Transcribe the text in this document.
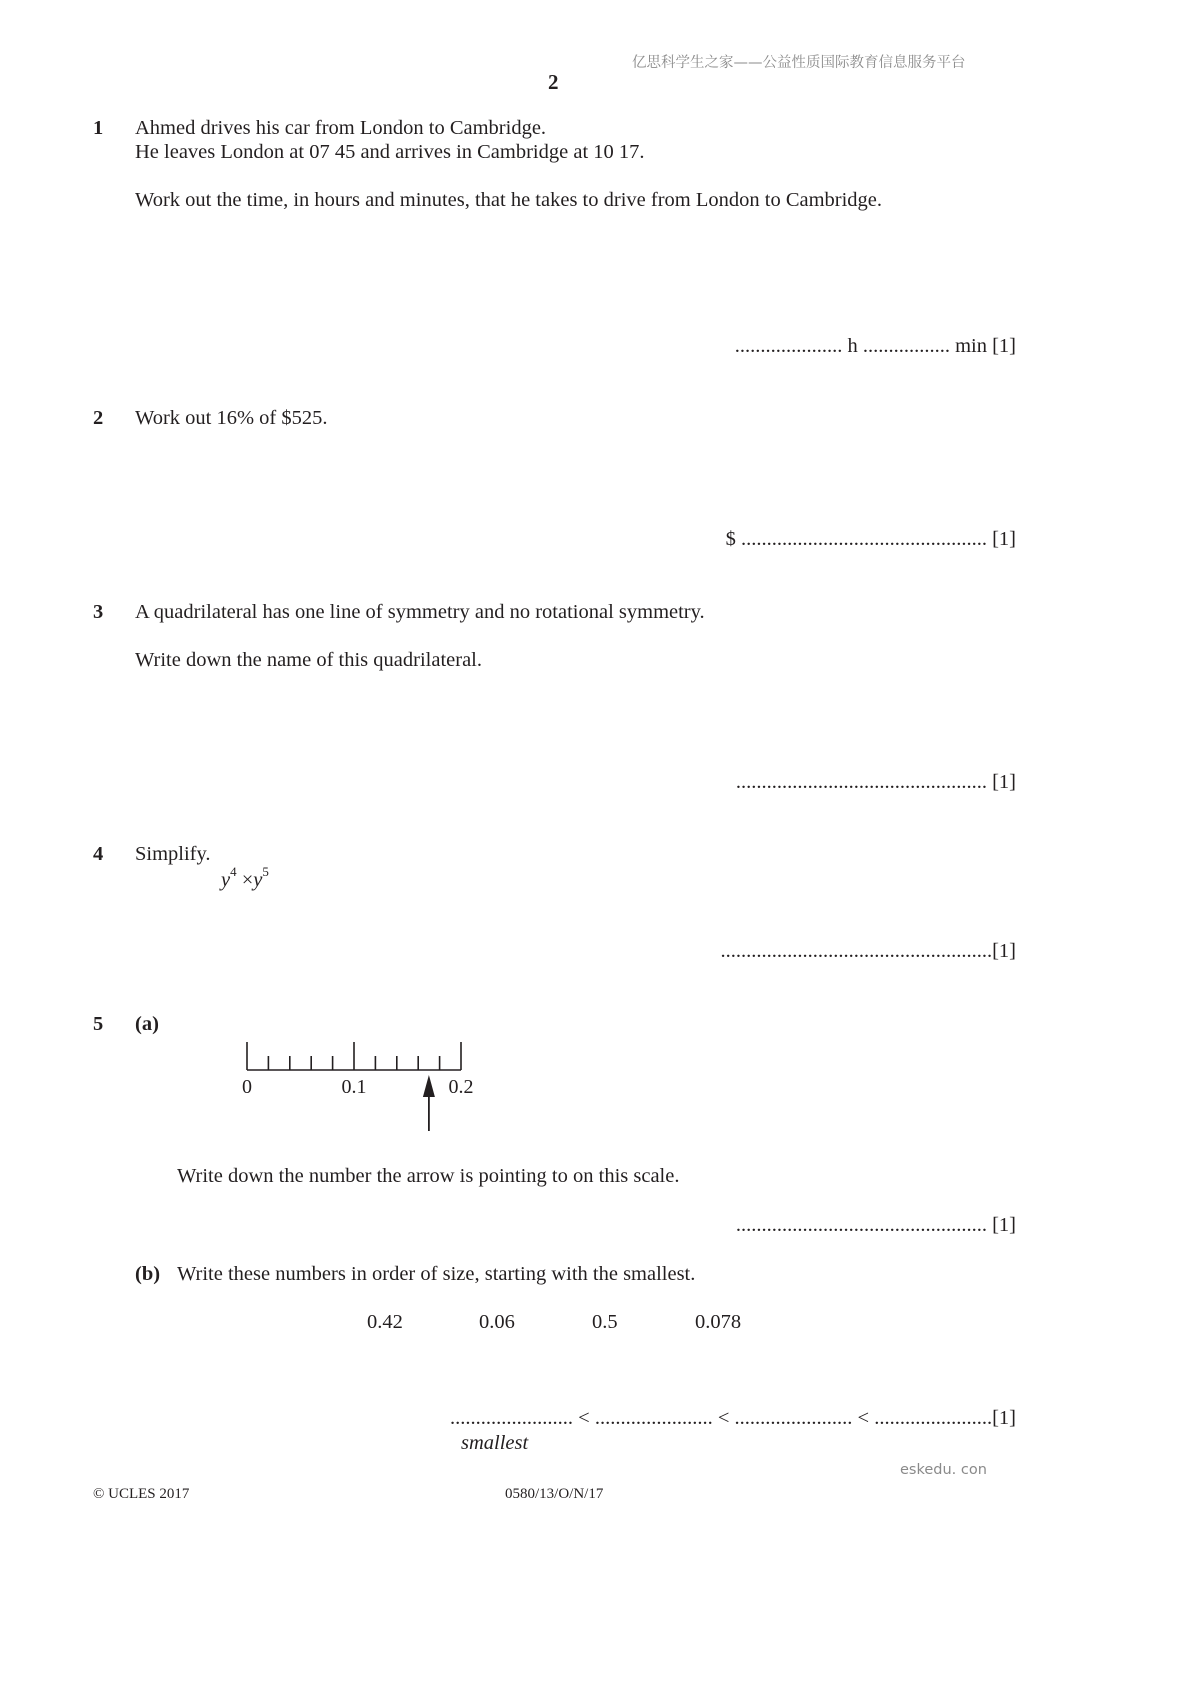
亿思科学生之家——公益性质国际教育信息服务平台
2
1 Ahmed drives his car from London to Cambridge.
He leaves London at 07 45 and arrives in Cambridge at 10 17.
Work out the time, in hours and minutes, that he takes to drive from London to Cambridge.
..................... h ................. min [1]
2 Work out 16% of $525.
$ ................................................ [1]
3 A quadrilateral has one line of symmetry and no rotational symmetry.
Write down the name of this quadrilateral.
................................................. [1]
4 Simplify.
$y^4 \times y^5$
.....................................................[1]
5 (a)
0	0.1	0.2
Write down the number the arrow is pointing to on this scale.
................................................. [1]
(b) Write these numbers in order of size, starting with the smallest.
0.42	0.06	0.5	0.078
........................ < ....................... < ....................... < .......................[1]
smallest
eskedu. con
© UCLES 2017	0580/13/O/N/17
